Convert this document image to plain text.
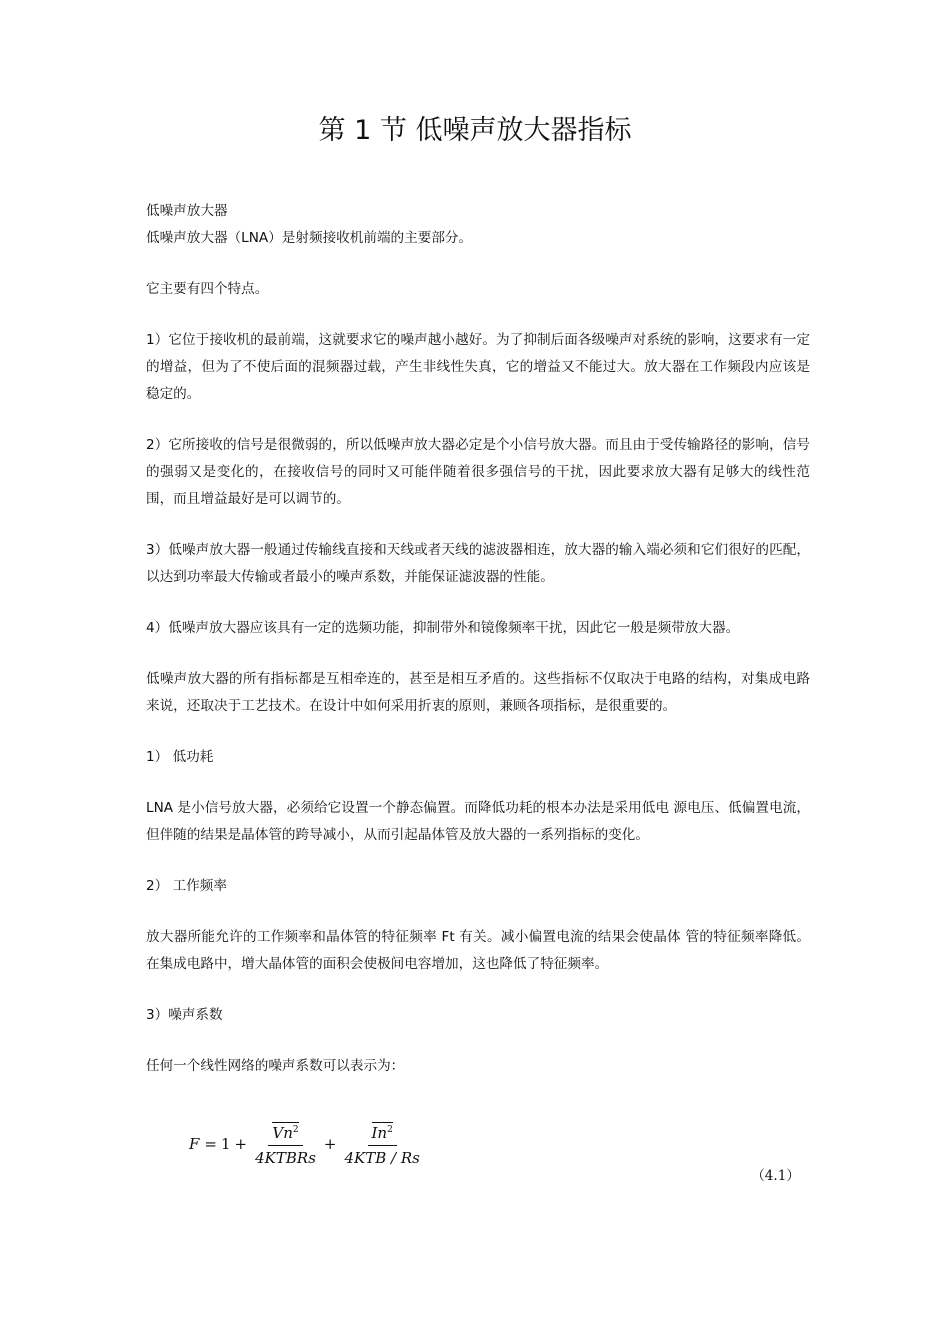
第 1 节 低噪声放大器指标

低噪声放大器

低噪声放大器（LNA）是射频接收机前端的主要部分。

它主要有四个特点。

1）它位于接收机的最前端，这就要求它的噪声越小越好。为了抑制后面各级噪声对系统的影响，这要求有一定的增益，但为了不使后面的混频器过载，产生非线性失真，它的增益又不能过大。放大器在工作频段内应该是稳定的。

2）它所接收的信号是很微弱的，所以低噪声放大器必定是个小信号放大器。而且由于受传输路径的影响，信号的强弱又是变化的，在接收信号的同时又可能伴随着很多强信号的干扰，因此要求放大器有足够大的线性范围，而且增益最好是可以调节的。

3）低噪声放大器一般通过传输线直接和天线或者天线的滤波器相连，放大器的输入端必须和它们很好的匹配，以达到功率最大传输或者最小的噪声系数，并能保证滤波器的性能。

4）低噪声放大器应该具有一定的选频功能，抑制带外和镜像频率干扰，因此它一般是频带放大器。

低噪声放大器的所有指标都是互相牵连的，甚至是相互矛盾的。这些指标不仅取决于电路的结构，对集成电路来说，还取决于工艺技术。在设计中如何采用折衷的原则，兼顾各项指标，是很重要的。

1） 低功耗

LNA 是小信号放大器，必须给它设置一个静态偏置。而降低功耗的根本办法是采用低电 源电压、低偏置电流，但伴随的结果是晶体管的跨导减小，从而引起晶体管及放大器的一系列指标的变化。

2） 工作频率

放大器所能允许的工作频率和晶体管的特征频率 Ft 有关。减小偏置电流的结果会使晶体 管的特征频率降低。在集成电路中，增大晶体管的面积会使极间电容增加，这也降低了特征频率。

3）噪声系数

任何一个线性网络的噪声系数可以表示为：

$F = 1 + \frac{Vn^2}{\text{4KTBRs}} + \frac{In^2}{\text{4KTB / Rs}}$
（4.1）
